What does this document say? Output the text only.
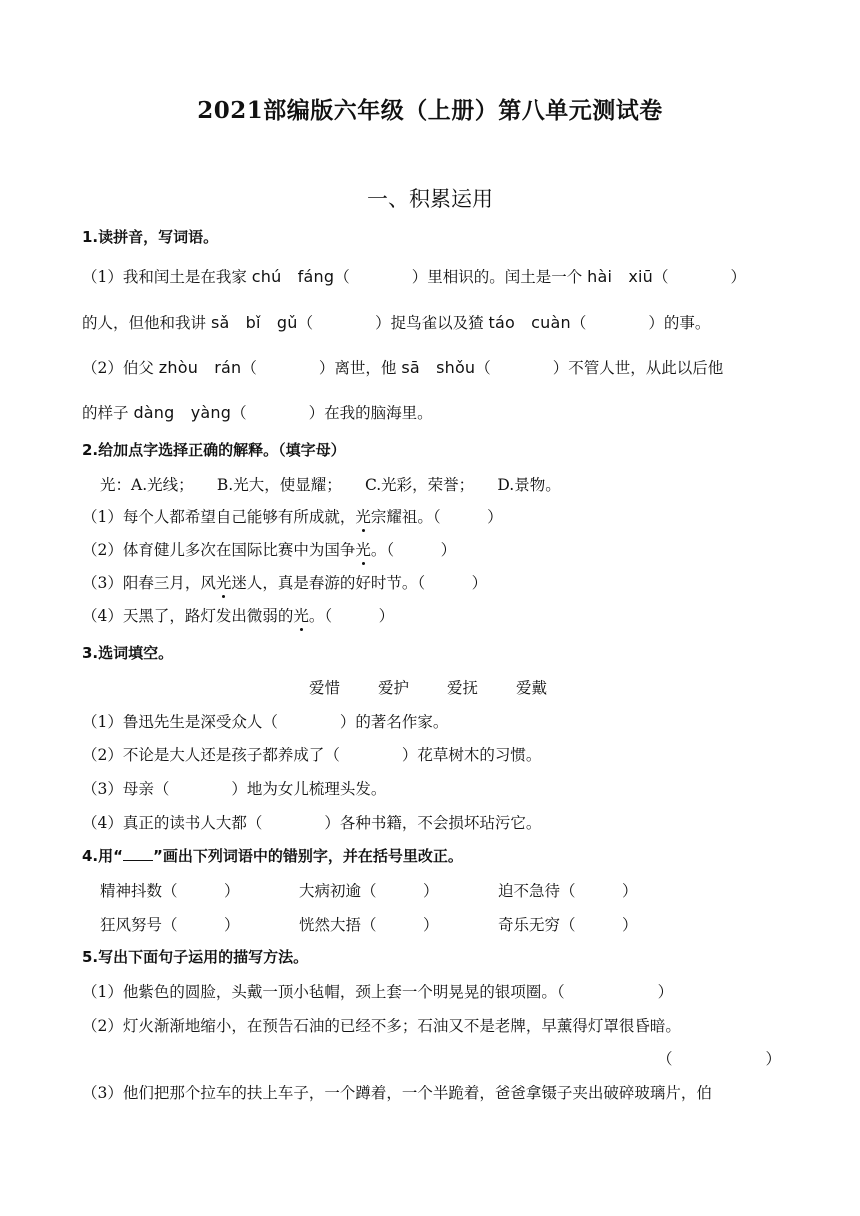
2021部编版六年级（上册）第八单元测试卷
一、积累运用
1.读拼音，写词语。
（1）我和闰土是在我家 chú　fáng（　　　　）里相识的。闰土是一个 hài　xiū（　　　　）
的人，但他和我讲 sǎ　bǐ　gǔ（　　　　）捉鸟雀以及猹 táo　cuàn（　　　　）的事。
（2）伯父 zhòu　rán（　　　　）离世，他 sā　shǒu（　　　　）不管人世，从此以后他
的样子 dàng　yàng（　　　　）在我的脑海里。
2.给加点字选择正确的解释。（填字母）
光：A.光线；　　B.光大，使显耀；　　C.光彩，荣誉；　　D.景物。
（1）每个人都希望自己能够有所成就，光宗耀祖。（　　　）
（2）体育健儿多次在国际比赛中为国争光。（　　　）
（3）阳春三月，风光迷人，真是春游的好时节。（　　　）
（4）天黑了，路灯发出微弱的光。（　　　）
3.选词填空。
爱惜 爱护 爱抚 爱戴
（1）鲁迅先生是深受众人（　　　　）的著名作家。
（2）不论是大人还是孩子都养成了（　　　　）花草树木的习惯。
（3）母亲（　　　　）地为女儿梳理头发。
（4）真正的读书人大都（　　　　）各种书籍，不会损坏玷污它。
4.用“ ”画出下列词语中的错别字，并在括号里改正。
精神抖数（　　　）	大病初逾（　　　）	迫不急待（　　　）
狂风努号（　　　）	恍然大捂（　　　）	奇乐无穷（　　　）
5.写出下面句子运用的描写方法。
（1）他紫色的圆脸，头戴一顶小毡帽，颈上套一个明晃晃的银项圈。（　　　　　　）
（2）灯火渐渐地缩小，在预告石油的已经不多；石油又不是老牌，早薰得灯罩很昏暗。
（　　　　　　）
（3）他们把那个拉车的扶上车子，一个蹲着，一个半跪着，爸爸拿镊子夹出破碎玻璃片，伯
